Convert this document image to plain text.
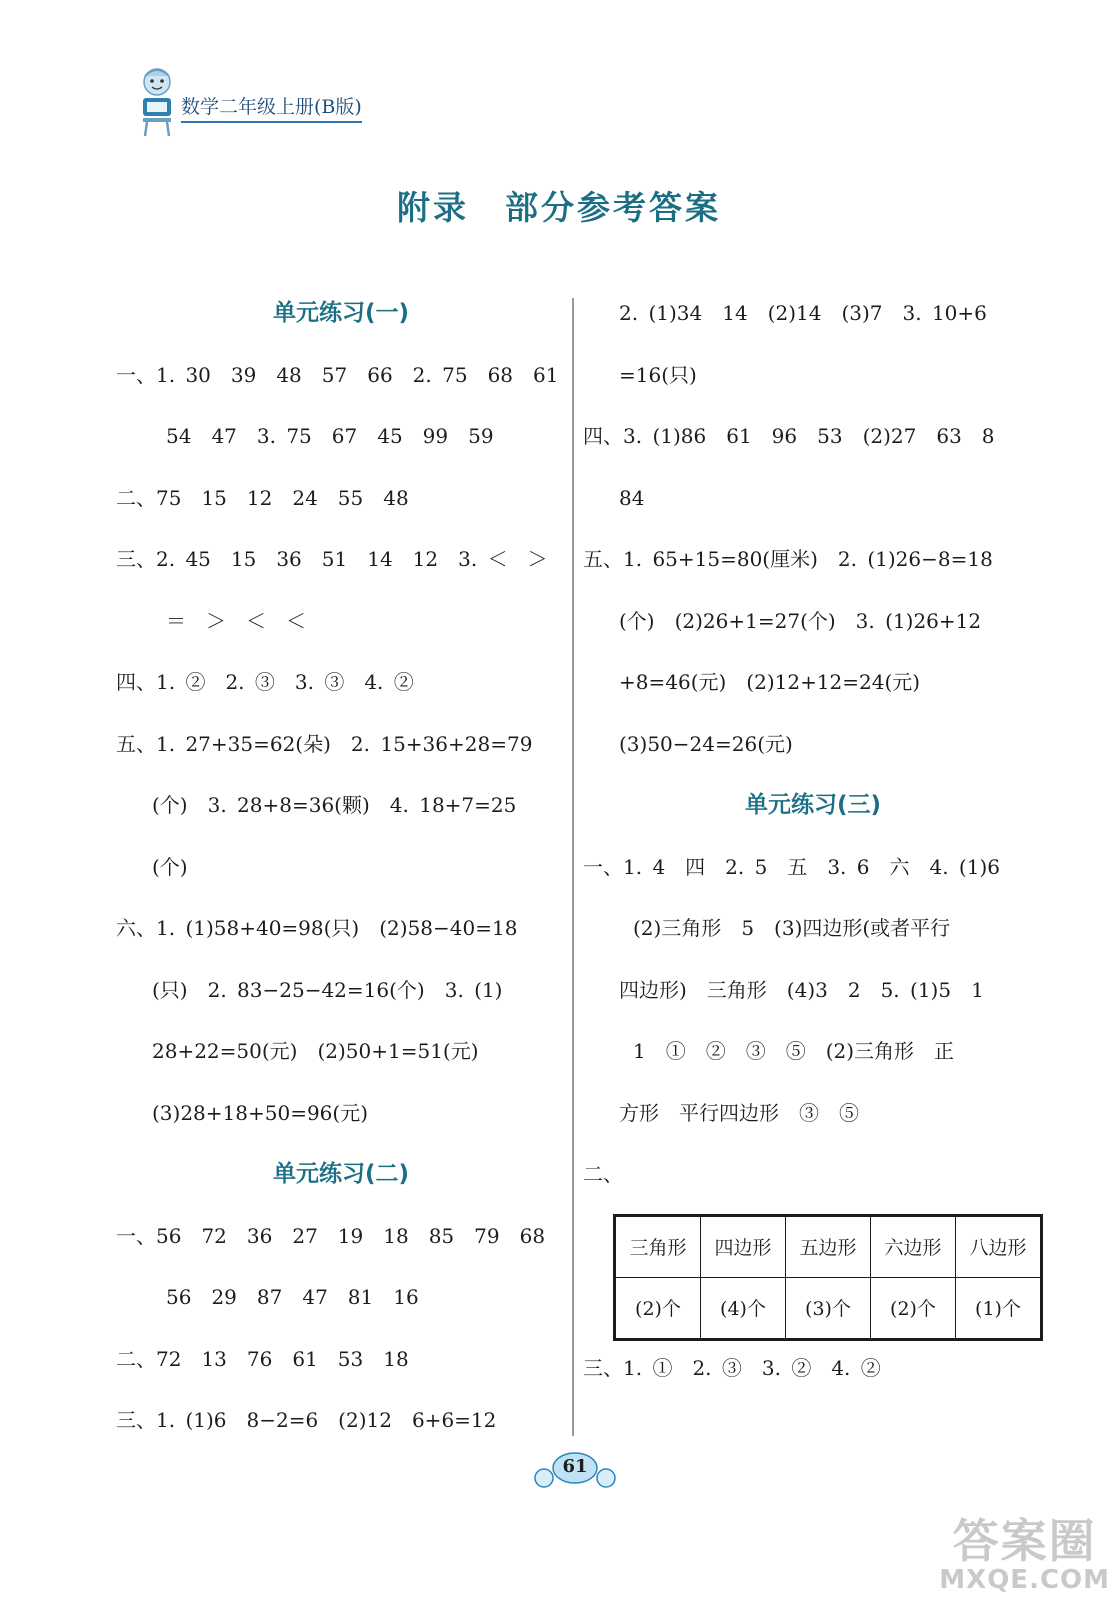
数学二年级上册(B版)
附录　部分参考答案
单元练习(一)
一、1. 30　39　48　57　66　2. 75　68　61
54　47　3. 75　67　45　99　59
二、75　15　12　24　55　48
三、2. 45　15　36　51　14　12　3. ＜　＞
＝　＞　＜　＜
四、1. ②　2. ③　3. ③　4. ②
五、1. 27+35=62(朵)　2. 15+36+28=79
(个)　3. 28+8=36(颗)　4. 18+7=25
(个)
六、1. (1)58+40=98(只)　(2)58−40=18
(只)　2. 83−25−42=16(个)　3. (1)
28+22=50(元)　(2)50+1=51(元)
(3)28+18+50=96(元)
单元练习(二)
一、56　72　36　27　19　18　85　79　68
56　29　87　47　81　16
二、72　13　76　61　53　18
三、1. (1)6　8−2=6　(2)12　6+6=12
2. (1)34　14　(2)14　(3)7　3. 10+6
=16(只)
四、3. (1)86　61　96　53　(2)27　63　8
84
五、1. 65+15=80(厘米)　2. (1)26−8=18
(个)　(2)26+1=27(个)　3. (1)26+12
+8=46(元)　(2)12+12=24(元)
(3)50−24=26(元)
单元练习(三)
一、1. 4　四　2. 5　五　3. 6　六　4. (1)6
(2)三角形　5　(3)四边形(或者平行
四边形)　三角形　(4)3　2　5. (1)5　1
1　①　②　③　⑤　(2)三角形　正
方形　平行四边形　③　⑤
二、
三角形	四边形	五边形	六边形	八边形
(2)个	(4)个	(3)个	(2)个	(1)个
三、1. ①　2. ③　3. ②　4. ②
61
答案圈
MXQE.COM
